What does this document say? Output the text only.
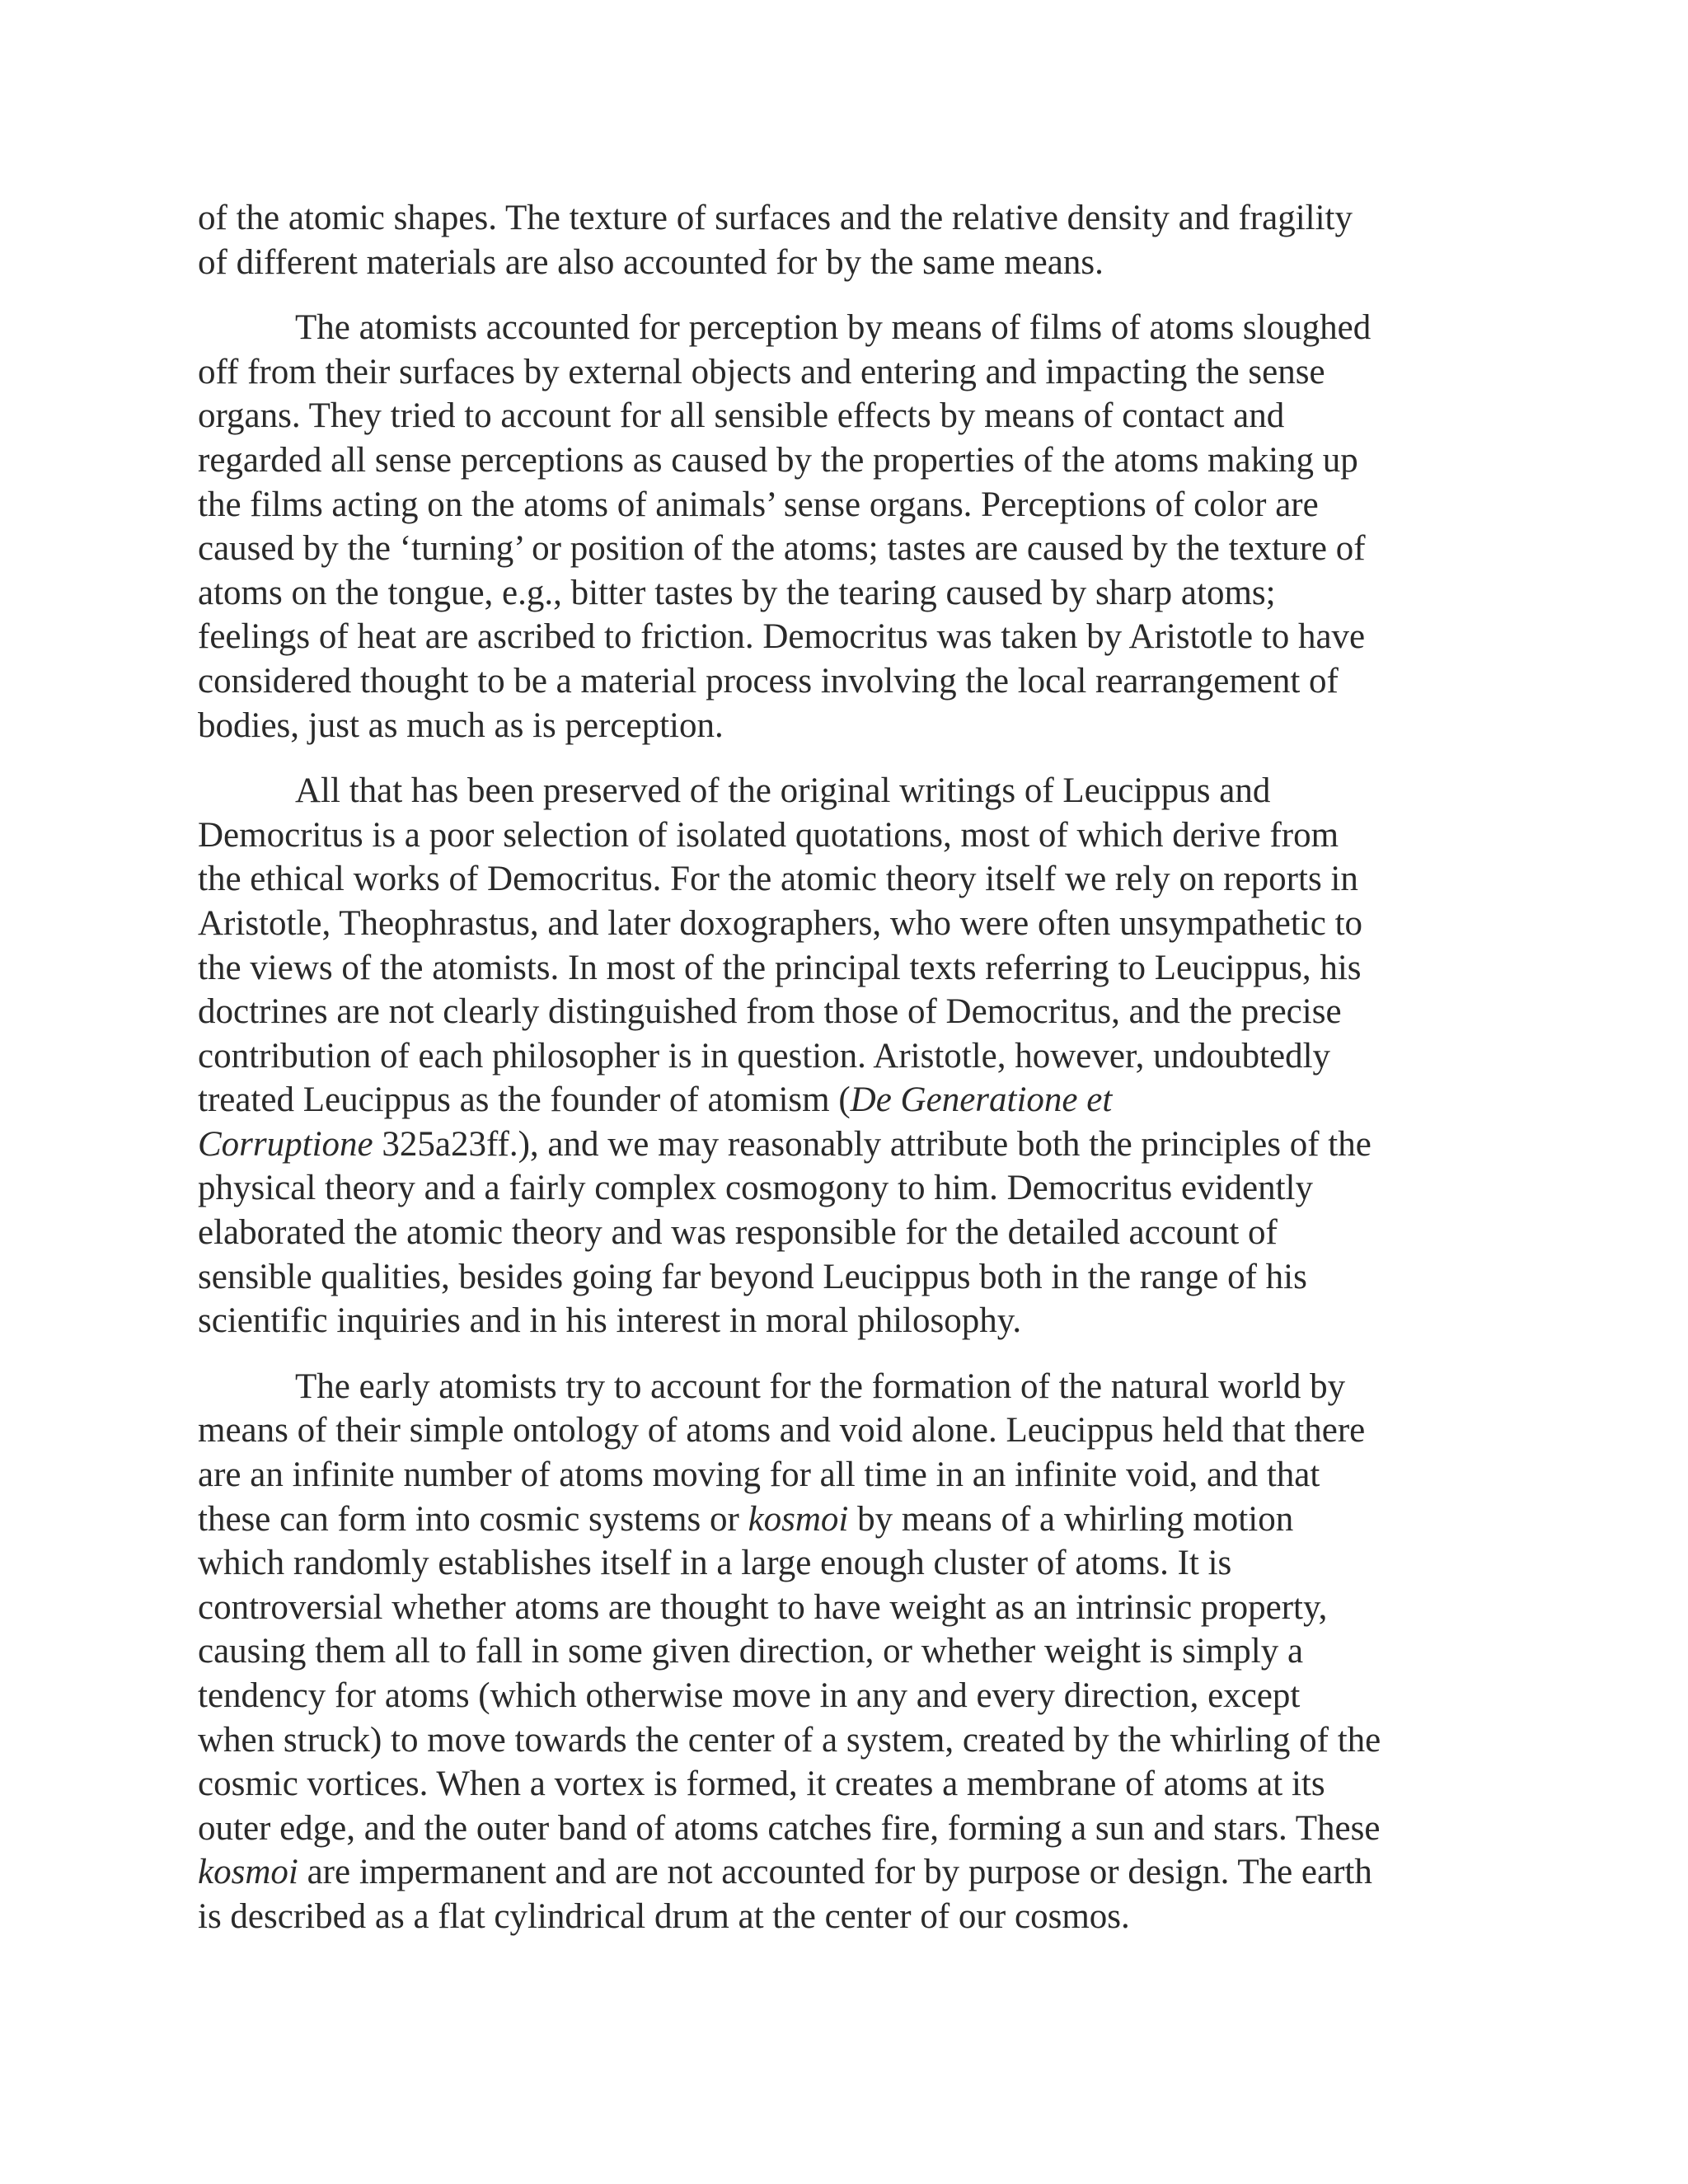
of the atomic shapes. The texture of surfaces and the relative density and fragility
of different materials are also accounted for by the same means.
The atomists accounted for perception by means of films of atoms sloughed
off from their surfaces by external objects and entering and impacting the sense
organs. They tried to account for all sensible effects by means of contact and
regarded all sense perceptions as caused by the properties of the atoms making up
the films acting on the atoms of animals’ sense organs. Perceptions of color are
caused by the ‘turning’ or position of the atoms; tastes are caused by the texture of
atoms on the tongue, e.g., bitter tastes by the tearing caused by sharp atoms;
feelings of heat are ascribed to friction. Democritus was taken by Aristotle to have
considered thought to be a material process involving the local rearrangement of
bodies, just as much as is perception.
All that has been preserved of the original writings of Leucippus and
Democritus is a poor selection of isolated quotations, most of which derive from
the ethical works of Democritus. For the atomic theory itself we rely on reports in
Aristotle, Theophrastus, and later doxographers, who were often unsympathetic to
the views of the atomists. In most of the principal texts referring to Leucippus, his
doctrines are not clearly distinguished from those of Democritus, and the precise
contribution of each philosopher is in question. Aristotle, however, undoubtedly
treated Leucippus as the founder of atomism (De Generatione et
Corruptione 325a23ff.), and we may reasonably attribute both the principles of the
physical theory and a fairly complex cosmogony to him. Democritus evidently
elaborated the atomic theory and was responsible for the detailed account of
sensible qualities, besides going far beyond Leucippus both in the range of his
scientific inquiries and in his interest in moral philosophy.
The early atomists try to account for the formation of the natural world by
means of their simple ontology of atoms and void alone. Leucippus held that there
are an infinite number of atoms moving for all time in an infinite void, and that
these can form into cosmic systems or kosmoi by means of a whirling motion
which randomly establishes itself in a large enough cluster of atoms. It is
controversial whether atoms are thought to have weight as an intrinsic property,
causing them all to fall in some given direction, or whether weight is simply a
tendency for atoms (which otherwise move in any and every direction, except
when struck) to move towards the center of a system, created by the whirling of the
cosmic vortices. When a vortex is formed, it creates a membrane of atoms at its
outer edge, and the outer band of atoms catches fire, forming a sun and stars. These
kosmoi are impermanent and are not accounted for by purpose or design. The earth
is described as a flat cylindrical drum at the center of our cosmos.
